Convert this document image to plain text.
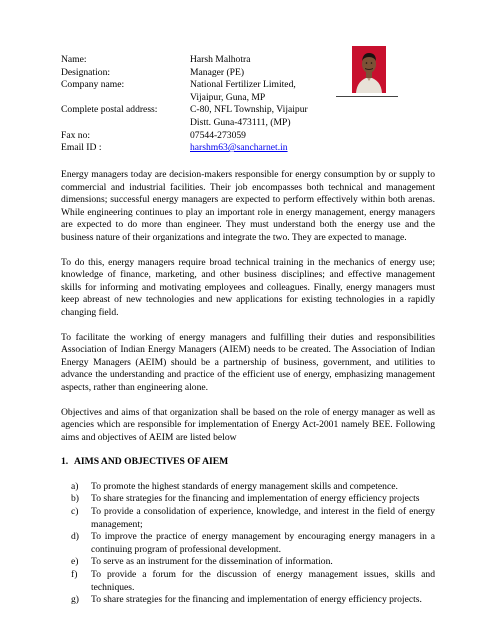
Name:	Harsh Malhotra
Designation:	Manager (PE)
Company name:	National Fertilizer Limited,
Vijaipur, Guna, MP
Complete postal address:	C-80, NFL Township, Vijaipur
Distt. Guna-473111, (MP)
Fax no:	07544-273059
Email ID :	harshm63@sancharnet.in

Energy managers today are decision-makers responsible for energy consumption by or supply to commercial and industrial facilities. Their job encompasses both technical and management dimensions; successful energy managers are expected to perform effectively within both arenas. While engineering continues to play an important role in energy management, energy managers are expected to do more than engineer. They must understand both the energy use and the business nature of their organizations and integrate the two. They are expected to manage.

To do this, energy managers require broad technical training in the mechanics of energy use; knowledge of finance, marketing, and other business disciplines; and effective management skills for informing and motivating employees and colleagues. Finally, energy managers must keep abreast of new technologies and new applications for existing technologies in a rapidly changing field.

To facilitate the working of energy managers and fulfilling their duties and responsibilities Association of Indian Energy Managers (AIEM) needs to be created. The Association of Indian Energy Managers (AEIM) should be a partnership of business, government, and utilities to advance the understanding and practice of the efficient use of energy, emphasizing management aspects, rather than engineering alone.

Objectives and aims of that organization shall be based on the role of energy manager as well as agencies which are responsible for implementation of Energy Act-2001 namely BEE. Following aims and objectives of AEIM are listed below

1. AIMS AND OBJECTIVES OF AIEM
a)	To promote the highest standards of energy management skills and competence.
b)	To share strategies for the financing and implementation of energy efficiency projects
c)	To provide a consolidation of experience, knowledge, and interest in the field of energy management;
d)	To improve the practice of energy management by encouraging energy managers in a continuing program of professional development.
e)	To serve as an instrument for the dissemination of information.
f)	To provide a forum for the discussion of energy management issues, skills and techniques.
g)	To share strategies for the financing and implementation of energy efficiency projects.
